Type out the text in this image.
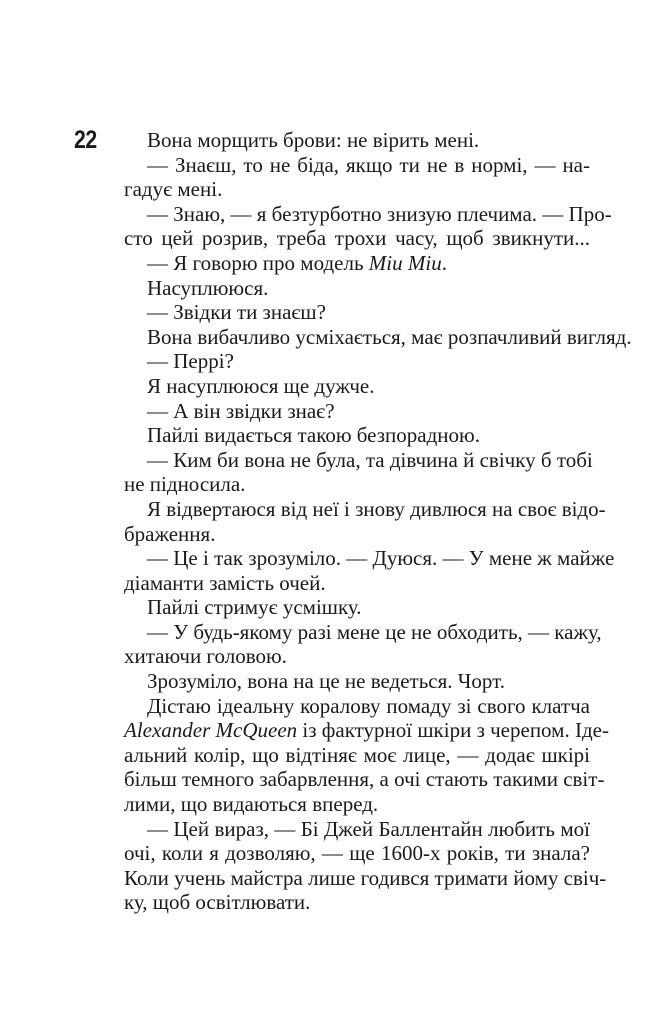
22	Вона морщить брови: не вірить мені.
— Знаєш, то не біда, якщо ти не в нормі, — на-
гадує мені.
— Знаю, — я безтурботно знизую плечима. — Про-
сто цей розрив, треба трохи часу, щоб звикнути...
— Я говорю про модель Міи Міи.
Насуплююся.
— Звідки ти знаєш?
Вона вибачливо усміхається, має розпачливий вигляд.
— Перрі?
Я насуплююся ще дужче.
— А він звідки знає?
Пайлі видається такою безпорадною.
— Ким би вона не була, та дівчина й свічку б тобі
не підносила.
Я відвертаюся від неї і знову дивлюся на своє відо-
браження.
— Це і так зрозуміло. — Дуюся. — У мене ж майже
діаманти замість очей.
Пайлі стримує усмішку.
— У будь-якому разі мене це не обходить, — кажу,
хитаючи головою.
Зрозуміло, вона на це не ведеться. Чорт.
Дістаю ідеальну коралову помаду зі свого клатча
Alexander McQueen із фактурної шкіри з черепом. Іде-
альний колір, що відтіняє моє лице, — додає шкірі
більш темного забарвлення, а очі стають такими світ-
лими, що видаються вперед.
— Цей вираз, — Бі Джей Баллентайн любить мої
очі, коли я дозволяю, — ще 1600-х років, ти знала?
Коли учень майстра лише годився тримати йому свіч-
ку, щоб освітлювати.
